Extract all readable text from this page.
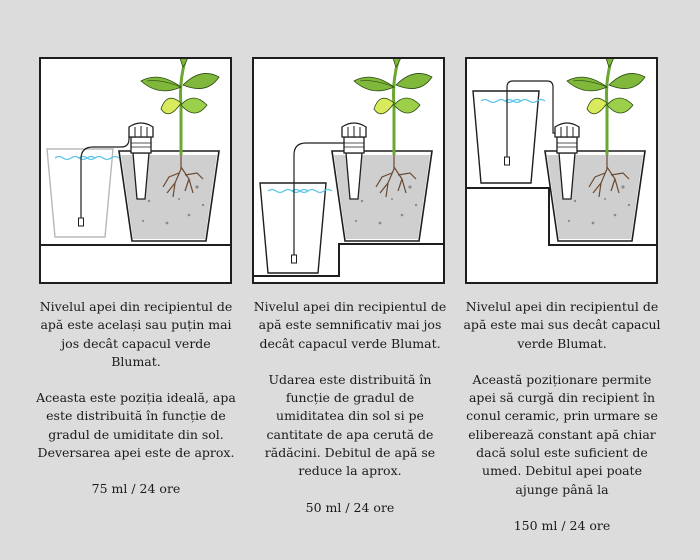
Nivelul apei din recipientul de apă este același sau puțin mai jos decât capacul verde Blumat.

Aceasta este poziția ideală, apa este distribuită în funcție de gradul de umiditate din sol. Deversarea apei este de aprox.

75 ml / 24 ore

Nivelul apei din recipientul de apă este semnificativ mai jos decât capacul verde Blumat.

Udarea este distribuită în funcție de gradul de umiditatea din sol si pe cantitate de apa cerută de rădăcini. Debitul de apă se reduce la aprox.

50 ml / 24 ore

Nivelul apei din recipientul de apă este mai sus decât capacul verde Blumat.

Această poziționare permite apei să curgă din recipient în conul ceramic, prin urmare se eliberează constant apă chiar dacă solul este suficient de umed. Debitul apei poate ajunge până la

150 ml / 24 ore
